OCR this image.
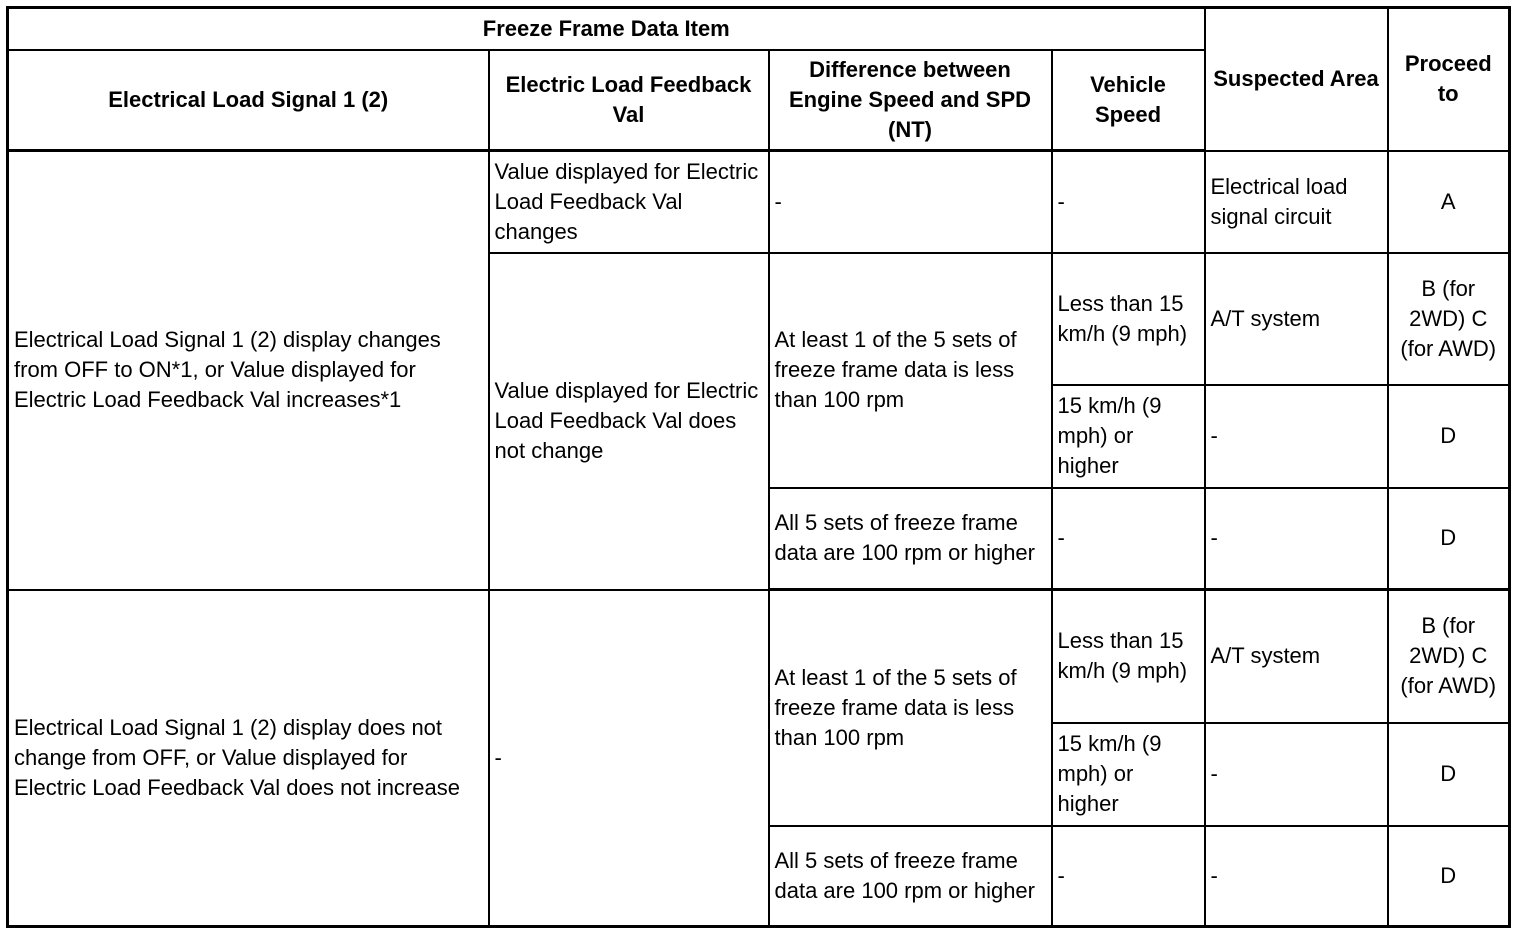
Freeze Frame Data Item				Suspected Area	Proceed to
Electrical Load Signal 1 (2)	Electric Load Feedback Val	Difference between Engine Speed and SPD (NT)	Vehicle Speed		
Electrical Load Signal 1 (2) display changes from OFF to ON*1, or Value displayed for Electric Load Feedback Val increases*1	Value displayed for Electric Load Feedback Val changes	-	-	Electrical load signal circuit	A
	Value displayed for Electric Load Feedback Val does not change	At least 1 of the 5 sets of freeze frame data is less than 100 rpm	Less than 15 km/h (9 mph)	A/T system	B (for 2WD) C (for AWD)
			15 km/h (9 mph) or higher	-	D
		All 5 sets of freeze frame data are 100 rpm or higher	-	-	D
Electrical Load Signal 1 (2) display does not change from OFF, or Value displayed for Electric Load Feedback Val does not increase	-	At least 1 of the 5 sets of freeze frame data is less than 100 rpm	Less than 15 km/h (9 mph)	A/T system	B (for 2WD) C (for AWD)
			15 km/h (9 mph) or higher	-	D
		All 5 sets of freeze frame data are 100 rpm or higher	-	-	D
